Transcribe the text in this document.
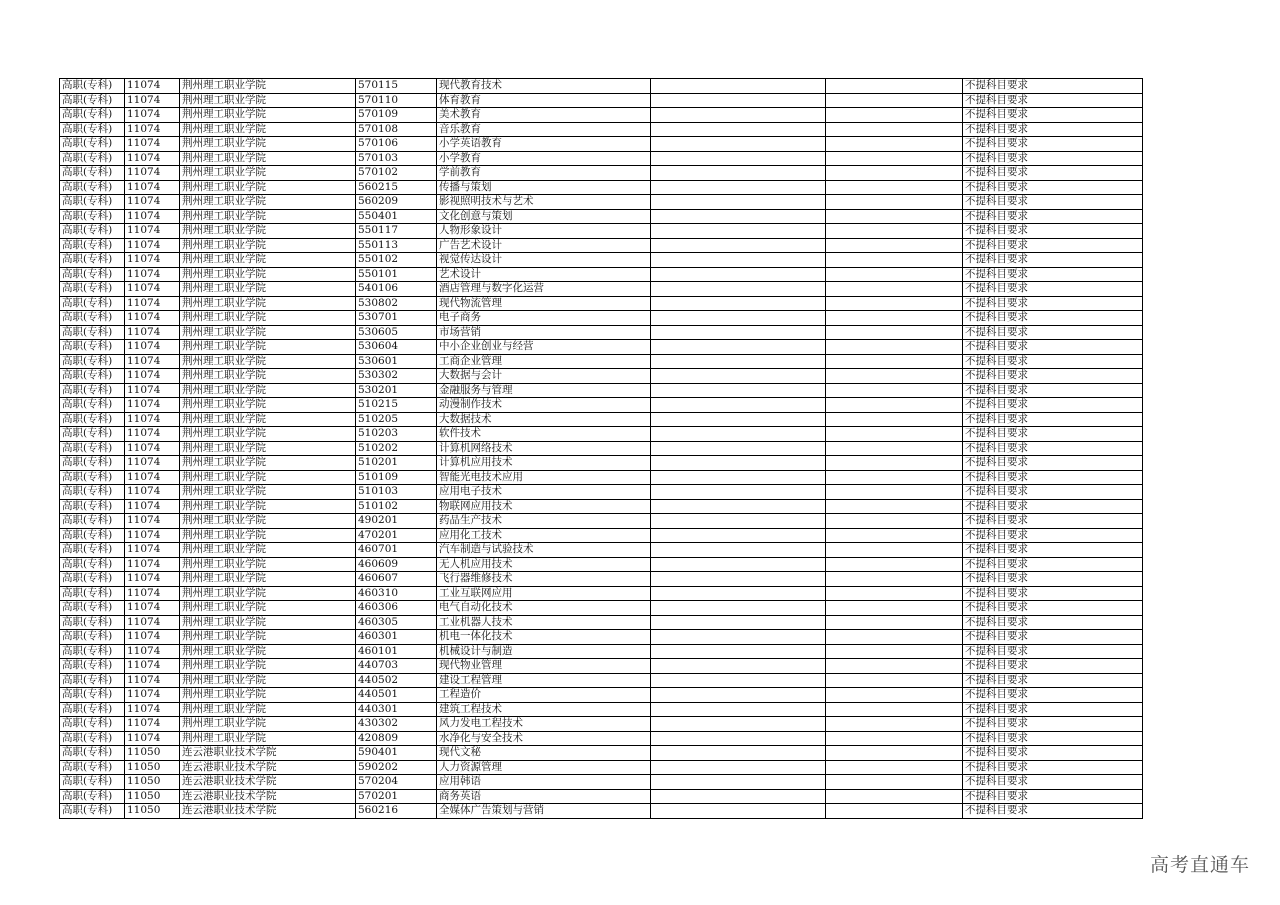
高职(专科)	11074	荆州理工职业学院	570115	现代教育技术			不提科目要求
高职(专科)	11074	荆州理工职业学院	570110	体育教育			不提科目要求
高职(专科)	11074	荆州理工职业学院	570109	美术教育			不提科目要求
高职(专科)	11074	荆州理工职业学院	570108	音乐教育			不提科目要求
高职(专科)	11074	荆州理工职业学院	570106	小学英语教育			不提科目要求
高职(专科)	11074	荆州理工职业学院	570103	小学教育			不提科目要求
高职(专科)	11074	荆州理工职业学院	570102	学前教育			不提科目要求
高职(专科)	11074	荆州理工职业学院	560215	传播与策划			不提科目要求
高职(专科)	11074	荆州理工职业学院	560209	影视照明技术与艺术			不提科目要求
高职(专科)	11074	荆州理工职业学院	550401	文化创意与策划			不提科目要求
高职(专科)	11074	荆州理工职业学院	550117	人物形象设计			不提科目要求
高职(专科)	11074	荆州理工职业学院	550113	广告艺术设计			不提科目要求
高职(专科)	11074	荆州理工职业学院	550102	视觉传达设计			不提科目要求
高职(专科)	11074	荆州理工职业学院	550101	艺术设计			不提科目要求
高职(专科)	11074	荆州理工职业学院	540106	酒店管理与数字化运营			不提科目要求
高职(专科)	11074	荆州理工职业学院	530802	现代物流管理			不提科目要求
高职(专科)	11074	荆州理工职业学院	530701	电子商务			不提科目要求
高职(专科)	11074	荆州理工职业学院	530605	市场营销			不提科目要求
高职(专科)	11074	荆州理工职业学院	530604	中小企业创业与经营			不提科目要求
高职(专科)	11074	荆州理工职业学院	530601	工商企业管理			不提科目要求
高职(专科)	11074	荆州理工职业学院	530302	大数据与会计			不提科目要求
高职(专科)	11074	荆州理工职业学院	530201	金融服务与管理			不提科目要求
高职(专科)	11074	荆州理工职业学院	510215	动漫制作技术			不提科目要求
高职(专科)	11074	荆州理工职业学院	510205	大数据技术			不提科目要求
高职(专科)	11074	荆州理工职业学院	510203	软件技术			不提科目要求
高职(专科)	11074	荆州理工职业学院	510202	计算机网络技术			不提科目要求
高职(专科)	11074	荆州理工职业学院	510201	计算机应用技术			不提科目要求
高职(专科)	11074	荆州理工职业学院	510109	智能光电技术应用			不提科目要求
高职(专科)	11074	荆州理工职业学院	510103	应用电子技术			不提科目要求
高职(专科)	11074	荆州理工职业学院	510102	物联网应用技术			不提科目要求
高职(专科)	11074	荆州理工职业学院	490201	药品生产技术			不提科目要求
高职(专科)	11074	荆州理工职业学院	470201	应用化工技术			不提科目要求
高职(专科)	11074	荆州理工职业学院	460701	汽车制造与试验技术			不提科目要求
高职(专科)	11074	荆州理工职业学院	460609	无人机应用技术			不提科目要求
高职(专科)	11074	荆州理工职业学院	460607	飞行器维修技术			不提科目要求
高职(专科)	11074	荆州理工职业学院	460310	工业互联网应用			不提科目要求
高职(专科)	11074	荆州理工职业学院	460306	电气自动化技术			不提科目要求
高职(专科)	11074	荆州理工职业学院	460305	工业机器人技术			不提科目要求
高职(专科)	11074	荆州理工职业学院	460301	机电一体化技术			不提科目要求
高职(专科)	11074	荆州理工职业学院	460101	机械设计与制造			不提科目要求
高职(专科)	11074	荆州理工职业学院	440703	现代物业管理			不提科目要求
高职(专科)	11074	荆州理工职业学院	440502	建设工程管理			不提科目要求
高职(专科)	11074	荆州理工职业学院	440501	工程造价			不提科目要求
高职(专科)	11074	荆州理工职业学院	440301	建筑工程技术			不提科目要求
高职(专科)	11074	荆州理工职业学院	430302	风力发电工程技术			不提科目要求
高职(专科)	11074	荆州理工职业学院	420809	水净化与安全技术			不提科目要求
高职(专科)	11050	连云港职业技术学院	590401	现代文秘			不提科目要求
高职(专科)	11050	连云港职业技术学院	590202	人力资源管理			不提科目要求
高职(专科)	11050	连云港职业技术学院	570204	应用韩语			不提科目要求
高职(专科)	11050	连云港职业技术学院	570201	商务英语			不提科目要求
高职(专科)	11050	连云港职业技术学院	560216	全媒体广告策划与营销			不提科目要求
高考直通车
